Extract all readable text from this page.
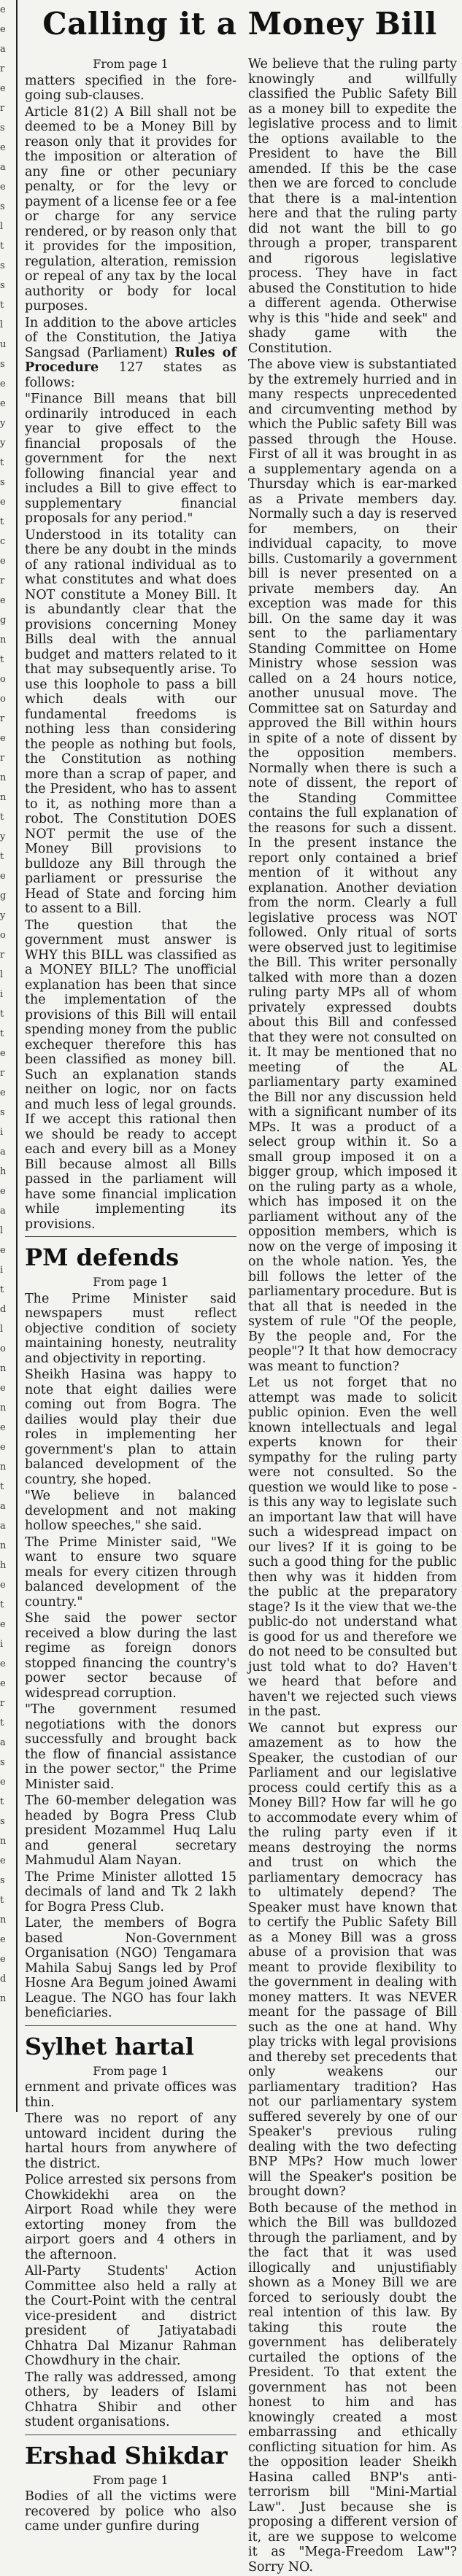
e
e
a
r
e
r
s
e
a
e
s
l
t
s
s
t
l
u
s
e
e
y
y
t
s
e
t
c
e
r
e
g
n
t
o
o
r
e
r
n
n
t
y
t
e
g
y
o
r
l
i
t
t
e
r
e
s
i
a
h
e
a
l
e
i
t
d
l
o
n
e
n
e
e
n
t
a
a
n
h
e
t
e
i
e
e
r
t
a
s
e
t
s
n
e
s
t
n
e
e
d
n
Calling it a Money Bill

From page 1

matters specified in the fore-going sub-clauses.

Article 81(2) A Bill shall not be deemed to be a Money Bill by reason only that it provides for the imposition or alteration of any fine or other pecuniary penalty, or for the levy or payment of a license fee or a fee or charge for any service rendered, or by reason only that it provides for the imposition, regulation, alteration, remission or repeal of any tax by the local authority or body for local purposes.

In addition to the above articles of the Constitution, the Jatiya Sangsad (Parliament) Rules of Procedure 127 states as follows:

"Finance Bill means that bill ordinarily introduced in each year to give effect to the financial proposals of the government for the next following financial year and includes a Bill to give effect to supplementary financial proposals for any period."

Understood in its totality can there be any doubt in the minds of any rational individual as to what constitutes and what does NOT constitute a Money Bill. It is abundantly clear that the provisions concerning Money Bills deal with the annual budget and matters related to it that may subsequently arise. To use this loophole to pass a bill which deals with our fundamental freedoms is nothing less than considering the people as nothing but fools, the Constitution as nothing more than a scrap of paper, and the President, who has to assent to it, as nothing more than a robot. The Constitution DOES NOT permit the use of the Money Bill provisions to bulldoze any Bill through the parliament or pressurise the Head of State and forcing him to assent to a Bill.

The question that the government must answer is WHY this BILL was classified as a MONEY BILL? The unofficial explanation has been that since the implementation of the provisions of this Bill will entail spending money from the public exchequer therefore this has been classified as money bill. Such an explanation stands neither on logic, nor on facts and much less of legal grounds. If we accept this rational then we should be ready to accept each and every bill as a Money Bill because almost all Bills passed in the parliament will have some financial implication while implementing its provisions.

PM defends

From page 1

The Prime Minister said newspapers must reflect objective condition of society maintaining honesty, neutrality and objectivity in reporting.

Sheikh Hasina was happy to note that eight dailies were coming out from Bogra. The dailies would play their due roles in implementing her government's plan to attain balanced development of the country, she hoped.

"We believe in balanced development and not making hollow speeches," she said.

The Prime Minister said, "We want to ensure two square meals for every citizen through balanced development of the country."

She said the power sector received a blow during the last regime as foreign donors stopped financing the country's power sector because of widespread corruption.

"The government resumed negotiations with the donors successfully and brought back the flow of financial assistance in the power sector," the Prime Minister said.

The 60-member delegation was headed by Bogra Press Club president Mozammel Huq Lalu and general secretary Mahmudul Alam Nayan.

The Prime Minister allotted 15 decimals of land and Tk 2 lakh for Bogra Press Club.

Later, the members of Bogra based Non-Government Organisation (NGO) Tengamara Mahila Sabuj Sangs led by Prof Hosne Ara Begum joined Awami League. The NGO has four lakh beneficiaries.

Sylhet hartal

From page 1

ernment and private offices was thin.

There was no report of any untoward incident during the hartal hours from anywhere of the district.

Police arrested six persons from Chowkidekhi area on the Airport Road while they were extorting money from the airport goers and 4 others in the afternoon.

All-Party Students' Action Committee also held a rally at the Court-Point with the central vice-president and district president of Jatiyatabadi Chhatra Dal Mizanur Rahman Chowdhury in the chair.

The rally was addressed, among others, by leaders of Islami Chhatra Shibir and other student organisations.

Ershad Shikdar

From page 1

Bodies of all the victims were recovered by police who also came under gunfire during

We believe that the ruling party knowingly and willfully classified the Public Safety Bill as a money bill to expedite the legislative process and to limit the options available to the President to have the Bill amended. If this be the case then we are forced to conclude that there is a mal-intention here and that the ruling party did not want the bill to go through a proper, transparent and rigorous legislative process. They have in fact abused the Constitution to hide a different agenda. Otherwise why is this "hide and seek" and shady game with the Constitution.

The above view is substantiated by the extremely hurried and in many respects unprecedented and circumventing method by which the Public safety Bill was passed through the House. First of all it was brought in as a supplementary agenda on a Thursday which is ear-marked as a Private members day. Normally such a day is reserved for members, on their individual capacity, to move bills. Customarily a government bill is never presented on a private members day. An exception was made for this bill. On the same day it was sent to the parliamentary Standing Committee on Home Ministry whose session was called on a 24 hours notice, another unusual move. The Committee sat on Saturday and approved the Bill within hours in spite of a note of dissent by the opposition members. Normally when there is such a note of dissent, the report of the Standing Committee contains the full explanation of the reasons for such a dissent. In the present instance the report only contained a brief mention of it without any explanation. Another deviation from the norm. Clearly a full legislative process was NOT followed. Only ritual of sorts were observed just to legitimise the Bill. This writer personally talked with more than a dozen ruling party MPs all of whom privately expressed doubts about this Bill and confessed that they were not consulted on it. It may be mentioned that no meeting of the AL parliamentary party examined the Bill nor any discussion held with a significant number of its MPs. It was a product of a select group within it. So a small group imposed it on a bigger group, which imposed it on the ruling party as a whole, which has imposed it on the parliament without any of the opposition members, which is now on the verge of imposing it on the whole nation. Yes, the bill follows the letter of the parliamentary procedure. But is that all that is needed in the system of rule "Of the people, By the people and, For the people"? It that how democracy was meant to function?

Let us not forget that no attempt was made to solicit public opinion. Even the well known intellectuals and legal experts known for their sympathy for the ruling party were not consulted. So the question we would like to pose - is this any way to legislate such an important law that will have such a widespread impact on our lives? If it is going to be such a good thing for the public then why was it hidden from the public at the preparatory stage? Is it the view that we-the public-do not understand what is good for us and therefore we do not need to be consulted but just told what to do? Haven't we heard that before and haven't we rejected such views in the past.

We cannot but express our amazement as to how the Speaker, the custodian of our Parliament and our legislative process could certify this as a Money Bill? How far will he go to accommodate every whim of the ruling party even if it means destroying the norms and trust on which the parliamentary democracy has to ultimately depend? The Speaker must have known that to certify the Public Safety Bill as a Money Bill was a gross abuse of a provision that was meant to provide flexibility to the government in dealing with money matters. It was NEVER meant for the passage of Bill such as the one at hand. Why play tricks with legal provisions and thereby set precedents that only weakens our parliamentary tradition? Has not our parliamentary system suffered severely by one of our Speaker's previous ruling dealing with the two defecting BNP MPs? How much lower will the Speaker's position be brought down?

Both because of the method in which the Bill was bulldozed through the parliament, and by the fact that it was used illogically and unjustifiably shown as a Money Bill we are forced to seriously doubt the real intention of this law. By taking this route the government has deliberately curtailed the options of the President. To that extent the government has not been honest to him and has knowingly created a most embarrassing and ethically conflicting situation for him. As the opposition leader Sheikh Hasina called BNP's anti-terrorism bill "Mini-Martial Law". Just because she is proposing a different version of it, are we suppose to welcome it as "Mega-Freedom Law"? Sorry NO.
